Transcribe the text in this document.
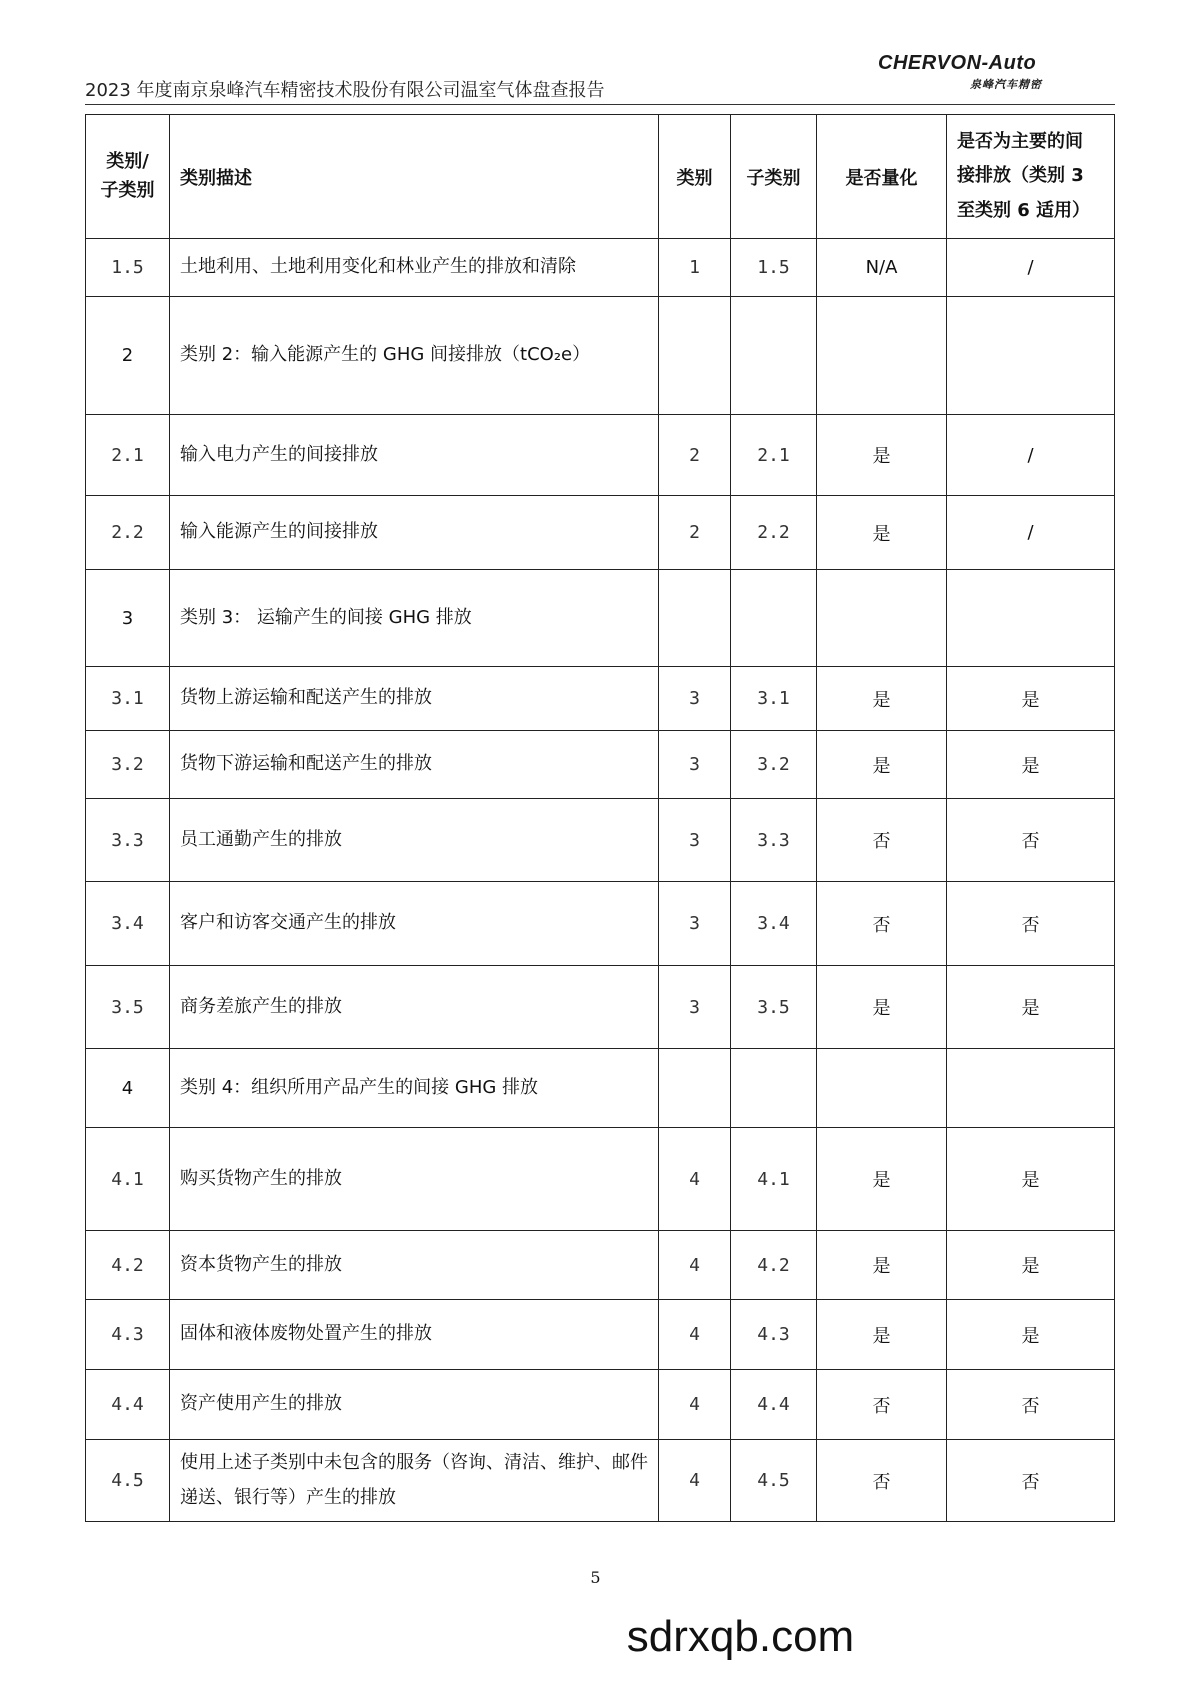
2023 年度南京泉峰汽车精密技术股份有限公司温室气体盘查报告
CHERVON-Auto
泉峰汽车精密
类别/
子类别	类别描述	类别	子类别	是否量化	是否为主要的间
接排放（类别 3
至类别 6 适用）
1.5	土地利用、土地利用变化和林业产生的排放和清除	1	1.5	N/A	/
2	类别 2：输入能源产生的 GHG 间接排放（tCO₂e）				
2.1	输入电力产生的间接排放	2	2.1	是	/
2.2	输入能源产生的间接排放	2	2.2	是	/
3	类别 3： 运输产生的间接 GHG 排放				
3.1	货物上游运输和配送产生的排放	3	3.1	是	是
3.2	货物下游运输和配送产生的排放	3	3.2	是	是
3.3	员工通勤产生的排放	3	3.3	否	否
3.4	客户和访客交通产生的排放	3	3.4	否	否
3.5	商务差旅产生的排放	3	3.5	是	是
4	类别 4：组织所用产品产生的间接 GHG 排放				
4.1	购买货物产生的排放	4	4.1	是	是
4.2	资本货物产生的排放	4	4.2	是	是
4.3	固体和液体废物处置产生的排放	4	4.3	是	是
4.4	资产使用产生的排放	4	4.4	否	否
4.5	使用上述子类别中未包含的服务（咨询、清洁、维护、邮件递送、银行等）产生的排放	4	4.5	否	否
5
sdrxqb.com
